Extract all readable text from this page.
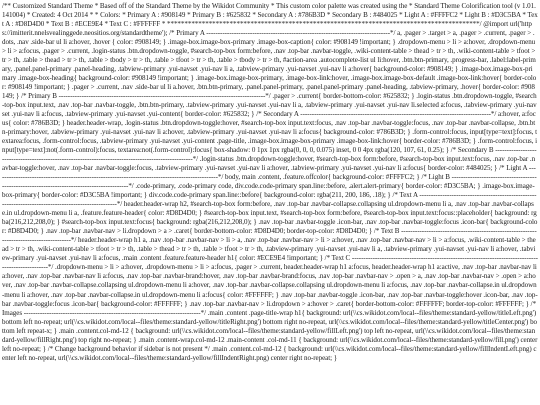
/** Customized Standard Theme * Based off of the Standard Theme by the Wikidot Community * This custom color palette was created using the * Standard Theme Colorification tool (v 1.01.141004) * Created: 4 Oct 2014 * * Colors: * Primary A : #908149 * Primary B : #625832 * Secondary A : #786B3D * Secondary B : #484025 * Light A : #FFFFC2 * Light B : #D3C5BA * Text A : #D8D4D0 * Text B : #ECE9E4 * Text C : #FFFFFF * ******************************************************************************************/ @import url('https://imitterit.nnelsvealinggede.neositios.org/standardtheme'); /* Primary A --------------------------------------------------------------------------------*/ a, .pager > .target > a, .pager > .current, .pager > .dots, .nav .side-bar ul li a:hover, .hover { color: #908149; } .image-box.image-box-primary .image-box-caption{ color: #908149 !important; } .dropdown-menu > li > a:hover, .dropdown-menu > li > a:focus, .pager > .current, .login-status .btn.dropdown-toggle, #search-top-box form:before, .nav .top-bar .navbar-toggle, .wiki-content-table > thead > tr > th, .wiki-content-table > tfoot > tr > th, .table > thead > tr > th, .table > tbody > tr > th, .table > tfoot > tr > th, .table > tbody > tr > th, #action-area .autocomplete-list ul li:hover, .btn.btn-primary, .progress-bar, .label:label-primary, .panel.panel-primary .panel-heading, .tabview-primary .yui-navset .yui-nav li a, .tabview-primary .yui-navset .yui-nav li a:hover{ background-color: #908149; } .image-box.image-box-primary .image-box-heading{ background-color: #908149 !important; } .image-box.image-box-primary, .image-box-link:hover, .image-box.image-box-default .image-box-link:hover{ border-color: #908149 !important; } .pager > .current, .nav .side-bar ul li a.hover, .btn.btn-primary, .panel.panel-primary, .panel.panel-primary .panel-heading, .tabview-primary, .hover{ border-color: #908149; } /* Primary B ------------------------------------------------------------------------------------------*/ .pager > .current{ border-bottom-color: #625832; } .login-status .btn.dropdown-toggle, #search-top-box input.text, .nav .top-bar .navbar-toggle, .btn.btn-primary, .tabview-primary .yui-navset .yui-nav li a, .tabview-primary .yui-navset .yui-nav li.selected a:focus, .tabview-primary .yui-navset .yui-nav li a:focus, .tabview-primary .yui-navset .yui-content{ border-color: #625832; } /* Secondary A -----------------------------------------------------------------------------------*/ a:hover, a:focus{ color: #786B3D; } header.header-wrap, .login-status .btn.dropdown-toggle:hover, #search-top-box input.text:focus, .nav .top-bar .navbar-toggle:focus, .nav .top-bar .navbar-collapse, .btn.btn-primary:hover, .tabview-primary .yui-navset .yui-nav li a:hover, .tabview-primary .yui-navset .yui-nav li a:focus{ background-color: #786B3D; } .form-control:focus, input[type=text]:focus, textarea:focus, .form-control:focus, .tabview-primary .yui-navset .yui-content .page-title, .image-box.image-box-primary .image-box-link:hover{ border-color: #786B3D; } .form-control:focus, input[type=text]:not(.form-control):focus, textarea:not(.form-control):focus{ box-shadow: 0 1px 1px rgba(0, 0, 0, 0.075) inset, 0 0 4px rgba(120, 107, 61, 0.25); } /* Secondary B -----------------------------------------------------------------------------------------------------*/ .login-status .btn.dropdown-toggle:hover, #search-top-box form:before, #search-top-box input.text:focus, .nav .top-bar .navbar-toggle:hover, .nav .top-bar .navbar-toggle:focus, .tabview-primary .yui-navset .yui-nav li a:hover, .tabview-primary .yui-navset .yui-nav li a:focus{ border-color: #484025; } /* Light A -------------------------------------------------------------------------------------------------*/ body, main .content, .feature.offcolor{ background-color: #FFFFC2; } /* Light B --------------------------------------------------------------------------------------------*/ .code-primary, .code-primary code, div.code.code-primary span.line::before, .alert.alert-primary{ border-color: #D3C5BA; } .image-box.image-box-primary{ border-color: #D3C5BA !important; } div.code.code-primary span.line::before{ background-color: rgba(211, 200, 186, .18); } /* Text A -----------------------------------------------------------------------------------------------------*/ header.header-wrap h2, #search-top-box form:before, .nav .top-bar .navbar-collapse.collapsing ul.dropdown-menu li a, .nav .top-bar .navbar-collapse.in ul.dropdown-menu li a, .feature.feature-header{ color: #D8D4D0; } #search-top-box input.text, #search-top-box form:before, #search-top-box input.text:focus::placeholder{ background: rgba(216,212,208,0); } #search-top-box input.text:focus{ background: rgba(216,212,208,0); } .nav .top-bar .navbar-toggle .icon-bar, .nav .top-bar .navbar-toggle:focus .icon-bar{ background-color: #D8D4D0; } .nav .top-bar .navbar-nav > li.dropdown > a > .caret{ border-bottom-color: #D8D4D0; border-top-color: #D8D4D0; } /* Text B -----------------------------------------------------------------------------------------*/ header.header-wrap h1 a, .nav .top-bar .navbar-nav > li > a, .nav .top-bar .navbar-nav > li > a:hover, .nav .top-bar .navbar-nav > li > a:focus, .wiki-content-table > thead > tr > th, .wiki-content-table > tfoot > tr > th, .table > thead > tr > th, .table > tfoot > tr > th, .tabview-primary .yui-navset .yui-nav li a, .tabview-primary .yui-navset .yui-nav li a:hover, .tabview-primary .yui-navset .yui-nav li a:focus, .main .content .feature.feature-header h1{ color: #ECE9E4 !important; } /* Text C -----------------------------------------------------------------------------------------------------*/ .dropdown-menu > li > a:hover, .dropdown-menu > li > a:focus, .pager > .current, header.header-wrap h1 a:focus, header.header-wrap h1 a:active, .nav .top-bar .navbar-nav li a:hover, .nav .top-bar .navbar-nav li a:focus, .nav .top-bar .navbar-brand:hover, .nav .top-bar .navbar-brand:focus, .nav .top-bar .navbar-nav > .open > a, .nav .top-bar .navbar-nav > .open > a:hover, .nav .top-bar .navbar-collapse.collapsing ul.dropdown-menu li a:hover, .nav .top-bar .navbar-collapse.collapsing ul.dropdown-menu li a:focus, .nav .top-bar .navbar-collapse.in ul.dropdown-menu li a:hover, .nav .top-bar .navbar-collapse.in ul.dropdown-menu li a:focus{ color: #FFFFFF; } .nav .top-bar .navbar-toggle .icon-bar, .nav .top-bar .navbar-toggle:hover .icon-bar, .nav .top-bar .navbar-toggle:focus .icon-bar{ background-color: #FFFFFF; } .nav .top-bar .navbar-nav > li.dropdown > a:hover > .caret{ border-bottom-color: #FFFFFF; border-top-color: #FFFFFF; } /* Images -----------------------------------------------------------------------------*/ .main .content .page-title-wrap h1{ background: url(\\cs.wikidot.com/local--files/theme:standard-yellow/titleLeft.png') bottom left no-repeat; url(\\cs.wikidot.com/local--files/theme:standard-yellow/titleRight.png') bottom right no-repeat, url(\\cs.wikidot.com/local--files/theme:standard-yellow/titleCenter.png') bottom left repeat-x; } .main .content.col-md-12 { background: url(\\cs.wikidot.com/local--files/theme:standard-yellow/fillLeft.png') top left no-repeat, url(\\cs.wikidot.com/local--files/theme:standard-yellow/fillRight.png') top right no-repeat; } .main .content-wrap.col-md-12 .main-content .col-md-11 { background: url(\\cs.wikidot.com/local--files/theme:standard-yellow/fill.png') center left no-repeat; } /* Change background behavior if sidebar is not present */ .main .content.col-md-12 { background: url(\\cs.wikidot.com/local--files/theme:standard-yellow/fillIndentLeft.png) center left no-repeat, url(\\cs.wikidot.com/local--files/theme:standard-yellow/fillIndentRight.png) center right no-repeat; }
